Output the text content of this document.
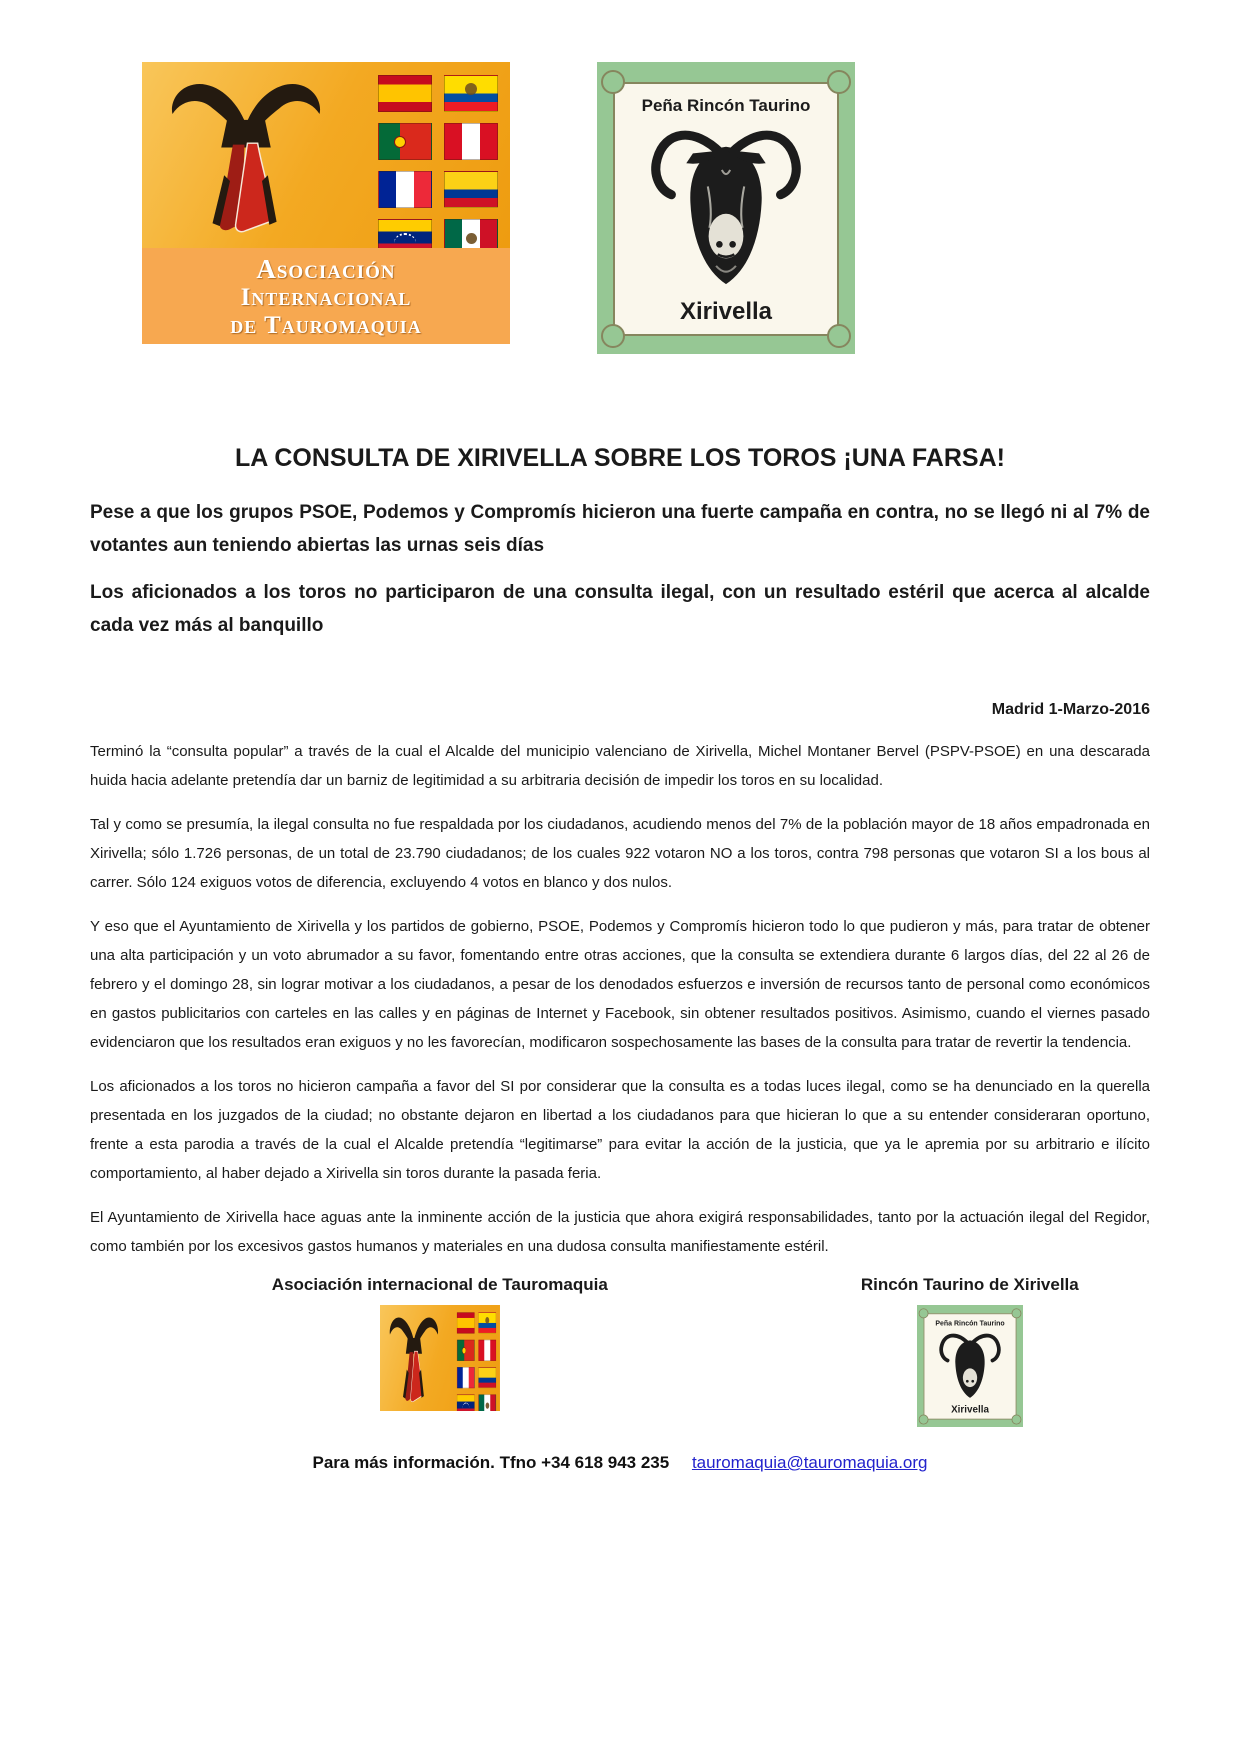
Asociación
Internacional
de Tauromaquia
Peña Rincón Taurino
Xirivella
LA CONSULTA DE XIRIVELLA SOBRE LOS TOROS ¡UNA FARSA!
Pese a que los grupos PSOE, Podemos y Compromís hicieron una fuerte campaña en contra, no se llegó ni al 7% de votantes aun teniendo abiertas las urnas seis días
Los aficionados a los toros no participaron de una consulta ilegal, con un resultado estéril que acerca al alcalde cada vez más al banquillo
Madrid 1-Marzo-2016
Terminó la “consulta popular” a través de la cual el Alcalde del municipio valenciano de Xirivella, Michel Montaner Bervel (PSPV-PSOE) en una descarada huida hacia adelante pretendía dar un barniz de legitimidad a su arbitraria decisión de impedir los toros en su localidad.
Tal y como se presumía, la ilegal consulta no fue respaldada por los ciudadanos, acudiendo menos del 7% de la población mayor de 18 años empadronada en Xirivella; sólo 1.726 personas, de un total de 23.790 ciudadanos; de los cuales 922 votaron NO a los toros, contra 798 personas que votaron SI a los bous al carrer. Sólo 124 exiguos votos de diferencia, excluyendo 4 votos en blanco y dos nulos.
Y eso que el Ayuntamiento de Xirivella y los partidos de gobierno, PSOE, Podemos y Compromís hicieron todo lo que pudieron y más, para tratar de obtener una alta participación y un voto abrumador a su favor, fomentando entre otras acciones, que la consulta se extendiera durante 6 largos días, del 22 al 26 de febrero y el domingo 28, sin lograr motivar a los ciudadanos, a pesar de los denodados esfuerzos e inversión de recursos tanto de personal como económicos en gastos publicitarios con carteles en las calles y en páginas de Internet y Facebook, sin obtener resultados positivos. Asimismo, cuando el viernes pasado evidenciaron que los resultados eran exiguos y no les favorecían, modificaron sospechosamente las bases de la consulta para tratar de revertir la tendencia.
Los aficionados a los toros no hicieron campaña a favor del SI por considerar que la consulta es a todas luces ilegal, como se ha denunciado en la querella presentada en los juzgados de la ciudad; no obstante dejaron en libertad a los ciudadanos para que hicieran lo que a su entender consideraran oportuno, frente a esta parodia a través de la cual el Alcalde pretendía “legitimarse” para evitar la acción de la justicia, que ya le apremia por su arbitrario e ilícito comportamiento, al haber dejado a Xirivella sin toros durante la pasada feria.
El Ayuntamiento de Xirivella hace aguas ante la inminente acción de la justicia que ahora exigirá responsabilidades, tanto por la actuación ilegal del Regidor, como también por los excesivos gastos humanos y materiales en una dudosa consulta manifiestamente estéril.
Asociación internacional de Tauromaquia	Rincón Taurino de Xirivella
Peña Rincón Taurino
Xirivella
Para más información. Tfno +34 618 943 235 tauromaquia@tauromaquia.org
